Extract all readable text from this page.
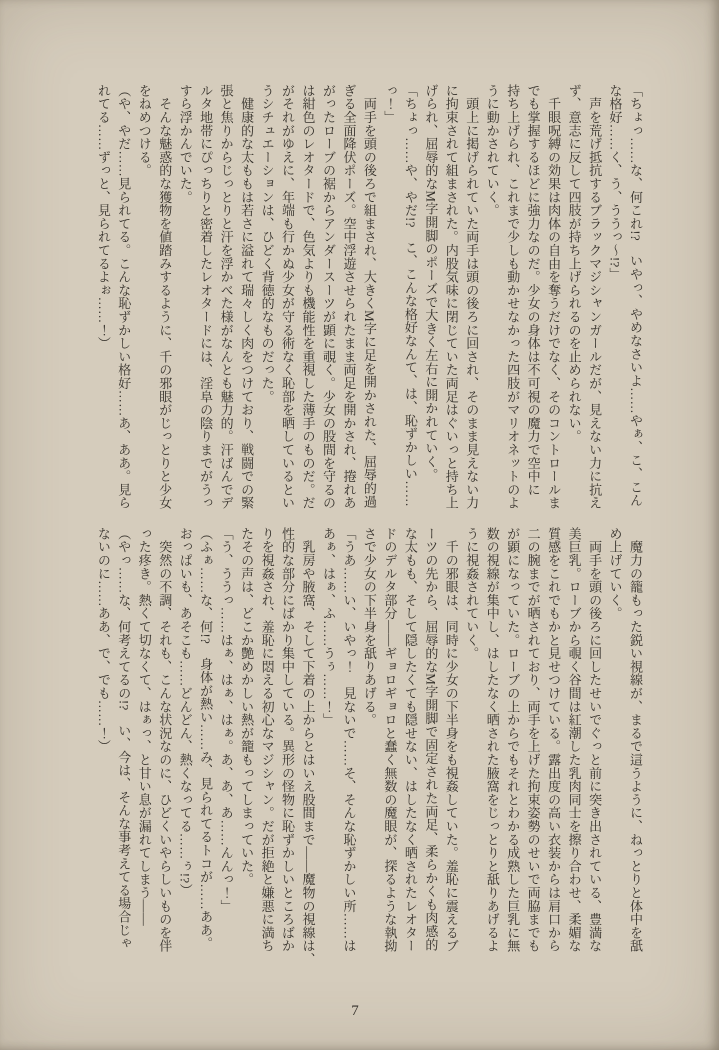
「ちょっ……な、何これ!?　いやっ、やめなさいよ……やぁ、こ、こん

な格好……く、う、ううっ〜!?」

　声を荒げ抵抗するブラックマジシャンガールだが、見えない力に抗え

ず、意志に反して四肢が持ち上げられるのを止められない。

　千眼呪縛の効果は肉体の自由を奪うだけでなく、そのコントロールま

でも掌握するほどに強力なのだ。少女の身体は不可視の魔力で空中に

持ち上げられ、これまで少しも動かせなかった四肢がマリオネットのよ

うに動かされていく。

　頭上に掲げられていた両手は頭の後ろに回され、そのまま見えない力

に拘束されて組まされた。内股気味に閉じていた両足はぐいっと持ち上

げられ、屈辱的なM字開脚のポーズで大きく左右に開かれていく。

「ちょっ……や、やだ!?　こ、こんな格好なんて、は、恥ずかしい……

っ！」

　両手を頭の後ろで組まされ、大きくM字に足を開かされた、屈辱的過

ぎる全面降伏ポーズ。空中浮遊させられたまま両足を開かされ、捲れあ

がったローブの裾からアンダースーツが顕に覗く。少女の股間を守るの

は紺色のレオタードで、色気よりも機能性を重視した薄手のものだ。だ

がそれがゆえに、年端も行かぬ少女が守る術なく恥部を晒しているとい

うシチュエーションは、ひどく背徳的なものだった。

　健康的な太ももは若さに溢れて瑞々しく肉をつけており、戦闘での緊

張と焦りからじっとりと汗を浮かべた様がなんとも魅力的。汗ばんでデ

ルタ地帯にぴっちりと密着したレオタードには、淫阜の陰りまでがうっ

すら浮かんでいた。

　そんな魅惑的な獲物を値踏みするように、千の邪眼がじっとりと少女

をねめつける。

（や、やだ……見られてる。こんな恥ずかしい格好……あ、ああ。見ら

れてる……ずっと、見られてるよぉ……！）

　魔力の籠もった鋭い視線が、まるで這うように、ねっとりと体中を舐

め上げていく。

　両手を頭の後ろに回したせいでぐっと前に突き出されている、豊満な

美巨乳。ローブから覗く谷間は紅潮した乳肉同士を擦り合わせ、柔媚な

質感をこれでもかと見せつけている。露出度の高い衣装からは肩口から

二の腕までが晒されており、両手を上げた拘束姿勢のせいで両脇までも

が顕になっていた。ローブの上からでもそれとわかる成熟した巨乳に無

数の視線が集中し、はしたなく晒された腋窩をじっとりと舐りあげるよ

うに視姦されていく。

　千の邪眼は、同時に少女の下半身をも視姦していた。羞恥に震えるブ

ーツの先から、屈辱的なM字開脚で固定された両足、柔らかくも肉感的

な太もも、そして隠したくても隠せない、はしたなく晒されたレオター

ドのデルタ部分——ギョロギョロと蠢く無数の魔眼が、探るような執拗

さで少女の下半身を舐りあげる。

「うあ……い、いやっ！　見ないで……そ、そんな恥ずかしい所……は

あぁ、はぁ、ふ……うぅ……！」

　乳房や腋窩、そして下着の上からとはいえ股間まで——魔物の視線は、

性的な部分にばかり集中している。異形の怪物に恥ずかしいところばか

りを視姦され、羞恥に悶える初心なマジシャン。だが拒絶と嫌悪に満ち

たその声は、どこか艶めかしい熱が籠もってしまっていた。

「う、ううっ……はぁ、はぁ、はぁ。あ、あ、あ……んんっ！」

（ふぁ……な、何!?　身体が熱い……み、見られてるトコが……ああ。

おっぱいも、あそこも……どんどん、熱くなってる……ぅ!?）

　突然の不調、それも、こんな状況なのに、ひどくいやらしいものを伴

った疼き。熱くて切なくて、はぁっ、と甘い息が漏れてしまう——

（やっ……な、何考えてるの!?　い、今は、そんな事考えてる場合じゃ

ないのに……ああ、で、でも……！）

7
